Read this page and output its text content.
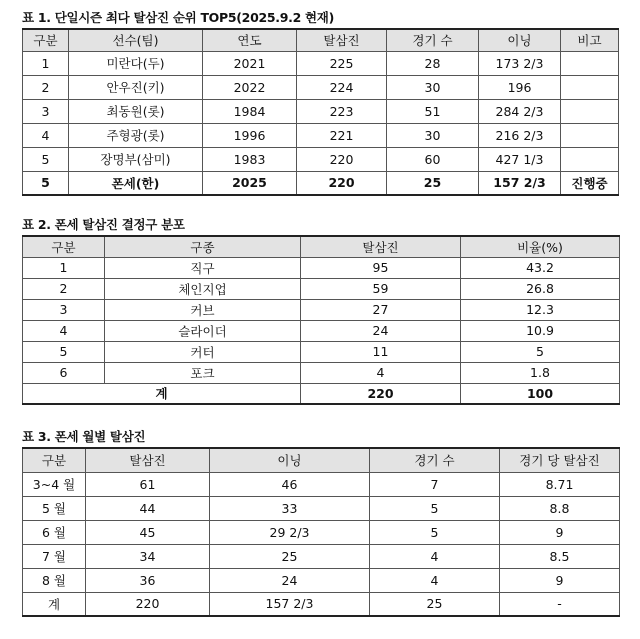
표 1. 단일시즌 최다 탈삼진 순위 TOP5(2025.9.2 현재)
구분	선수(팀)	연도	탈삼진	경기 수	이닝	비고
1	미란다(두)	2021	225	28	173 2/3	
2	안우진(키)	2022	224	30	196	
3	최동원(롯)	1984	223	51	284 2/3	
4	주형광(롯)	1996	221	30	216 2/3	
5	장명부(삼미)	1983	220	60	427 1/3	
5	폰세(한)	2025	220	25	157 2/3	진행중
표 2. 폰세 탈삼진 결정구 분포
구분	구종	탈삼진	비율(%)
1	직구	95	43.2
2	체인지업	59	26.8
3	커브	27	12.3
4	슬라이더	24	10.9
5	커터	11	5
6	포크	4	1.8
계		220	100
표 3. 폰세 월별 탈삼진
구분	탈삼진	이닝	경기 수	경기 당 탈삼진
3~4 월	61	46	7	8.71
5 월	44	33	5	8.8
6 월	45	29 2/3	5	9
7 월	34	25	4	8.5
8 월	36	24	4	9
계	220	157 2/3	25	-
